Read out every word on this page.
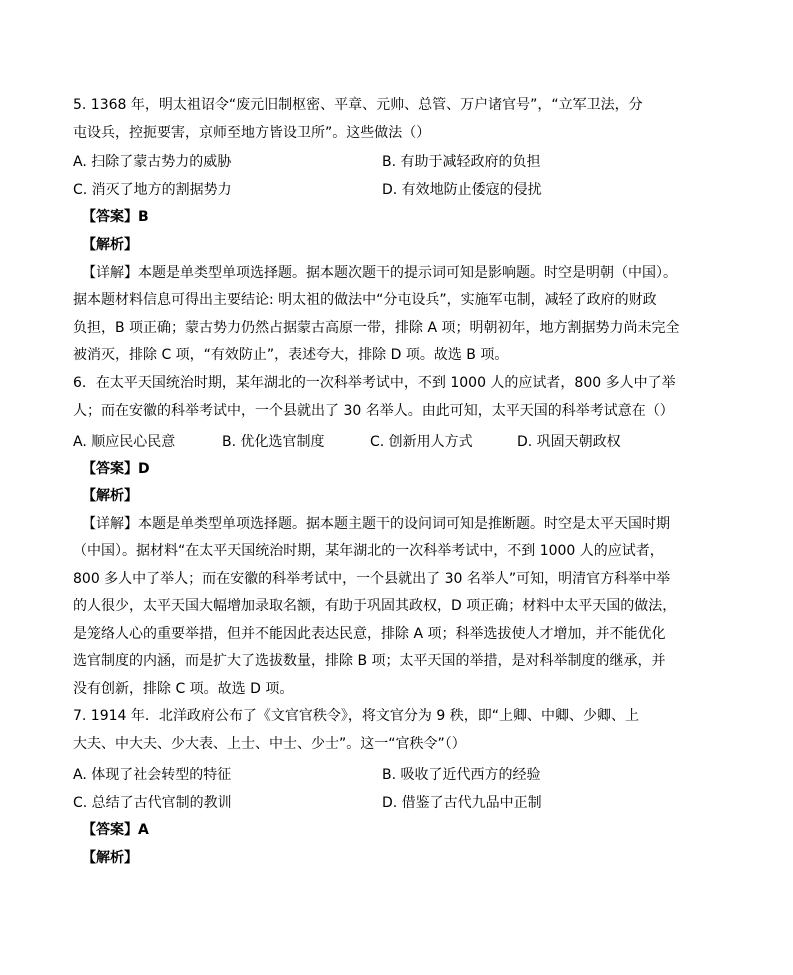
5. 1368 年，明太祖诏令“废元旧制枢密、平章、元帅、总管、万户诸官号”，“立军卫法，分
屯设兵，控扼要害，京师至地方皆设卫所”。这些做法（）
A. 扫除了蒙古势力的威胁	B. 有助于减轻政府的负担
C. 消灭了地方的割据势力	D. 有效地防止倭寇的侵扰
【答案】B
【解析】
【详解】本题是单类型单项选择题。据本题次题干的提示词可知是影响题。时空是明朝（中国）。
据本题材料信息可得出主要结论: 明太祖的做法中“分屯设兵”，实施军屯制，减轻了政府的财政
负担，B 项正确；蒙古势力仍然占据蒙古高原一带，排除 A 项；明朝初年，地方割据势力尚未完全
被消灭，排除 C 项，“有效防止”，表述夸大，排除 D 项。故选 B 项。
6．在太平天国统治时期，某年湖北的一次科举考试中，不到 1000 人的应试者，800 多人中了举
人；而在安徽的科举考试中，一个县就出了 30 名举人。由此可知，太平天国的科举考试意在（）
A. 顺应民心民意	B. 优化选官制度	C. 创新用人方式	D. 巩固天朝政权
【答案】D
【解析】
【详解】本题是单类型单项选择题。据本题主题干的设问词可知是推断题。时空是太平天国时期
（中国）。据材料“在太平天国统治时期，某年湖北的一次科举考试中，不到 1000 人的应试者，
800 多人中了举人；而在安徽的科举考试中，一个县就出了 30 名举人”可知，明清官方科举中举
的人很少，太平天国大幅增加录取名额，有助于巩固其政权，D 项正确；材料中太平天国的做法，
是笼络人心的重要举措，但并不能因此表达民意，排除 A 项；科举选拔使人才增加，并不能优化
选官制度的内涵，而是扩大了选拔数量，排除 B 项；太平天国的举措，是对科举制度的继承，并
没有创新，排除 C 项。故选 D 项。
7. 1914 年．北洋政府公布了《文官官秩令》，将文官分为 9 秩，即“上卿、中卿、少卿、上
大夫、中大夫、少大表、上士、中士、少士”。这一“官秩令”（）
A. 体现了社会转型的特征	B. 吸收了近代西方的经验
C. 总结了古代官制的教训	D. 借鉴了古代九品中正制
【答案】A
【解析】
